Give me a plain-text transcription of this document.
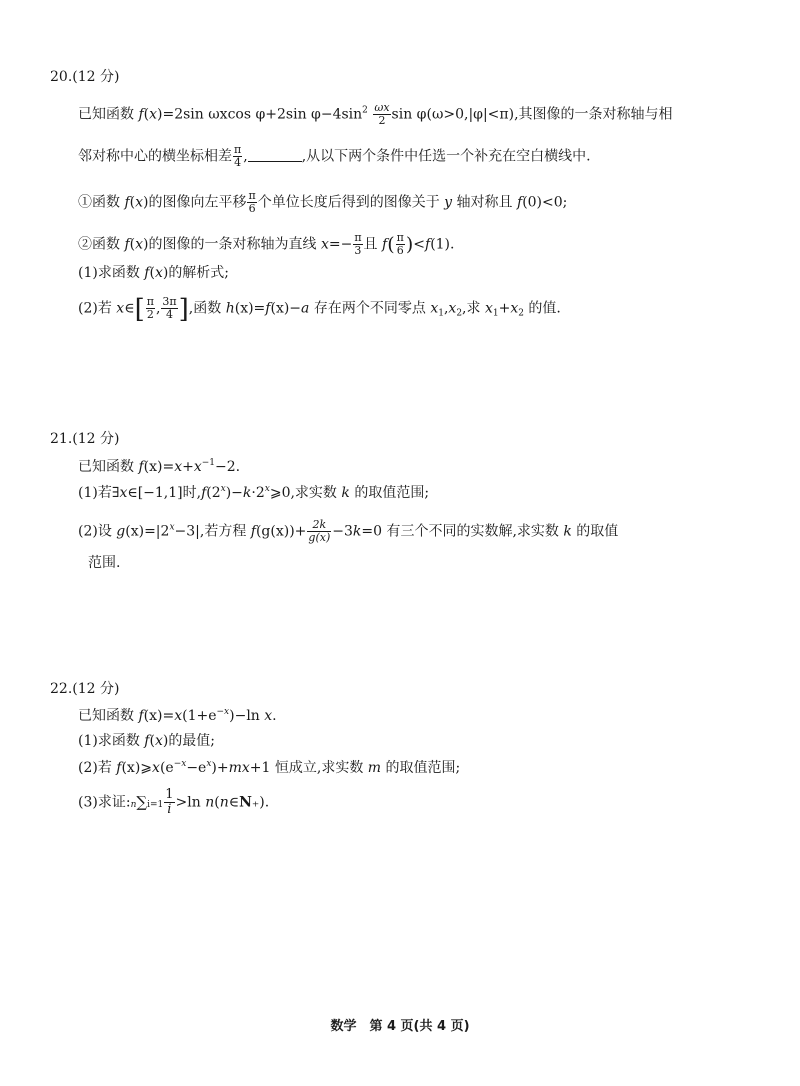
20.(12 分)
已知函数 f(x)=2sin ωxcos φ+2sin $\varphi-4\sin^2 \frac{\omega x}{2}$ sin φ(ω>0,|φ|<π),其图像的一条对称轴与相
邻对称中心的横坐标相差 $\frac{\pi}{4}$ ,	,从以下两个条件中任选一个补充在空白横线中.
①函数 f(x)的图像向左平移 $\frac{\pi}{6}$ 个单位长度后得到的图像关于 y 轴对称且 f(0)<0;
②函数 f(x)的图像的一条对称轴为直线 $x=- \frac{\pi}{3}$ 且 $f( \frac{\pi}{6} )<f(1)$.
(1)求函数 f(x)的解析式;
(2)若 x∈[ $\frac{\pi}{2}$ , $\frac{3\pi}{4}$ ],函数 h(x)=f(x)−a 存在两个不同零点 $x_1,x_2$,求 $x_1+x_2$ 的值.
21.(12 分)
已知函数 $f(x)=x+x^{-1}-2$.
(1)若∃x∈[−1,1]时$,f(2^x)-k\cdot 2^x⩾0$,求实数 k 的取值范围;
(2)设 $g(x)=|2^x-3|$,若方程 $f(g(x))+ \frac{2k}{g(x)} -3k=0$ 有三个不同的实数解,求实数 k 的取值
范围.
22.(12 分)
已知函数 $f(x)=x(1+e^{-x})-\ln$ x.
(1)求函数 f(x)的最值;
(2)若 $f(x)⩾x(e^{-x}-e^x)+mx+1$ 恒成立,求实数 m 的取值范围;
(3)求证:n∑i=1 $\frac{1}{i} >\ln$ n(n∈N₊).
数学　第 4 页(共 4 页)
